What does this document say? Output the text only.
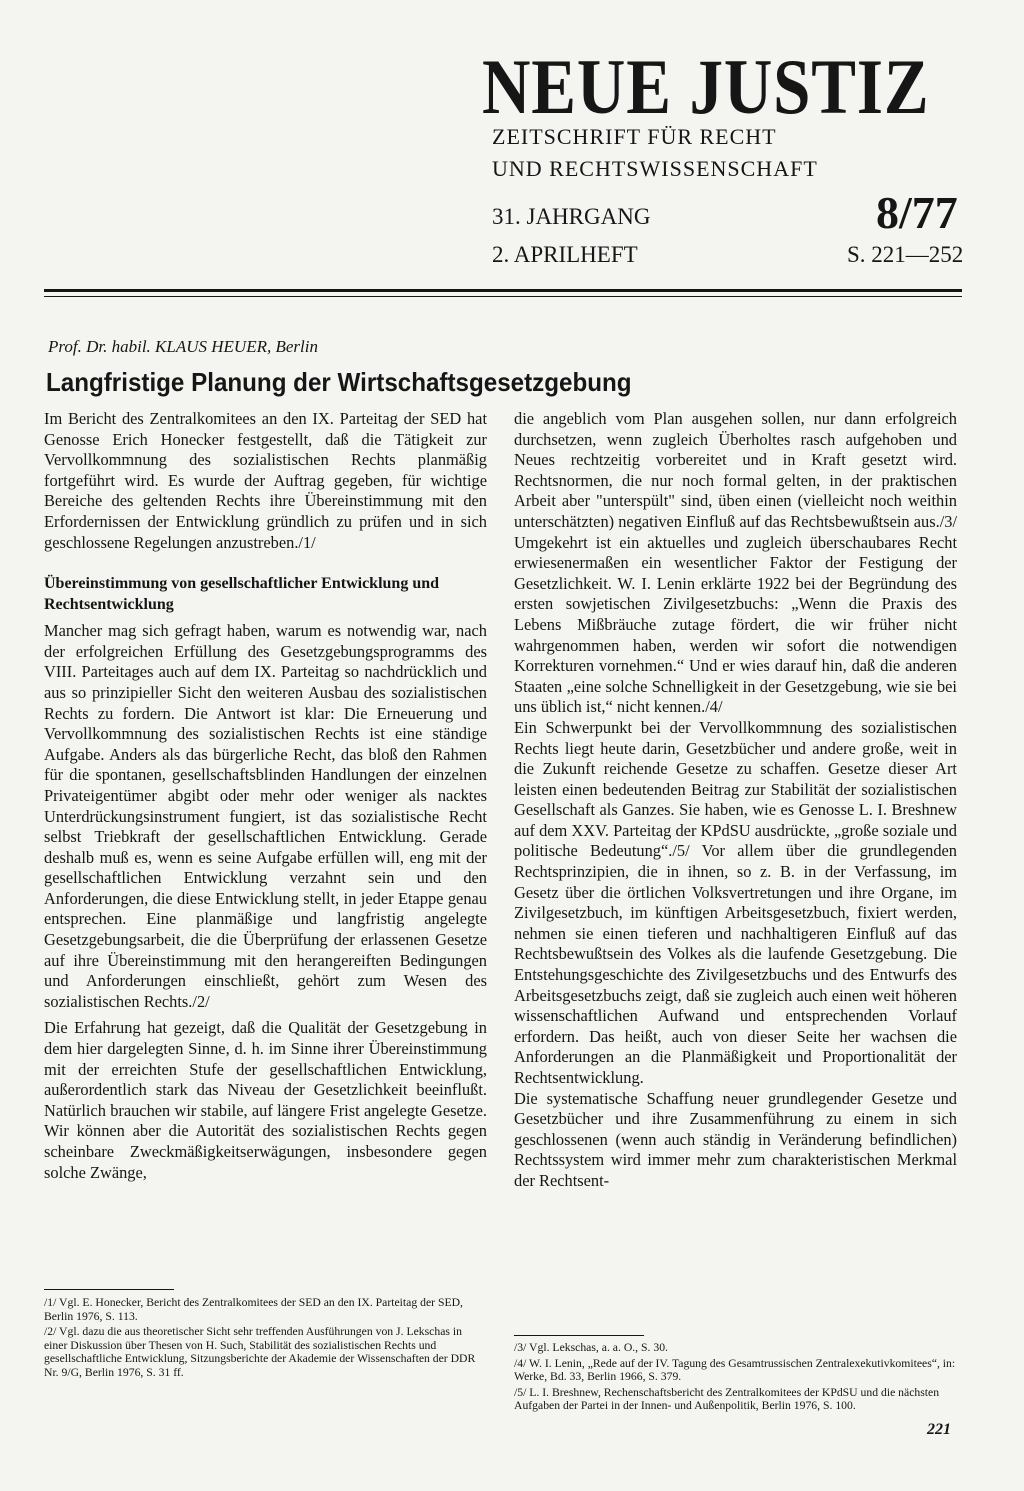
NEUE JUSTIZ
ZEITSCHRIFT FÜR RECHT
UND RECHTSWISSENSCHAFT
31. JAHRGANG	8/77
2. APRILHEFT	S. 221—252
Prof. Dr. habil. KLAUS HEUER, Berlin
Langfristige Planung der Wirtschaftsgesetzgebung

Im Bericht des Zentralkomitees an den IX. Parteitag der SED hat Genosse Erich Honecker festgestellt, daß die Tätigkeit zur Vervollkommnung des sozialistischen Rechts planmäßig fortgeführt wird. Es wurde der Auftrag gegeben, für wichtige Bereiche des geltenden Rechts ihre Übereinstimmung mit den Erfordernissen der Entwicklung gründlich zu prüfen und in sich geschlossene Regelungen anzustreben./1/

Übereinstimmung von gesellschaftlicher Entwicklung und Rechtsentwicklung

Mancher mag sich gefragt haben, warum es notwendig war, nach der erfolgreichen Erfüllung des Gesetzgebungsprogramms des VIII. Parteitages auch auf dem IX. Parteitag so nachdrücklich und aus so prinzipieller Sicht den weiteren Ausbau des sozialistischen Rechts zu fordern. Die Antwort ist klar: Die Erneuerung und Vervollkommnung des sozialistischen Rechts ist eine ständige Aufgabe. Anders als das bürgerliche Recht, das bloß den Rahmen für die spontanen, gesellschaftsblinden Handlungen der einzelnen Privateigentümer abgibt oder mehr oder weniger als nacktes Unterdrückungsinstrument fungiert, ist das sozialistische Recht selbst Triebkraft der gesellschaftlichen Entwicklung. Gerade deshalb muß es, wenn es seine Aufgabe erfüllen will, eng mit der gesellschaftlichen Entwicklung verzahnt sein und den Anforderungen, die diese Entwicklung stellt, in jeder Etappe genau entsprechen. Eine planmäßige und langfristig angelegte Gesetzgebungsarbeit, die die Überprüfung der erlassenen Gesetze auf ihre Übereinstimmung mit den herangereiften Bedingungen und Anforderungen einschließt, gehört zum Wesen des sozialistischen Rechts./2/

Die Erfahrung hat gezeigt, daß die Qualität der Gesetzgebung in dem hier dargelegten Sinne, d. h. im Sinne ihrer Übereinstimmung mit der erreichten Stufe der gesellschaftlichen Entwicklung, außerordentlich stark das Niveau der Gesetzlichkeit beeinflußt. Natürlich brauchen wir stabile, auf längere Frist angelegte Gesetze. Wir können aber die Autorität des sozialistischen Rechts gegen scheinbare Zweckmäßigkeitserwägungen, insbesondere gegen solche Zwänge,

die angeblich vom Plan ausgehen sollen, nur dann erfolgreich durchsetzen, wenn zugleich Überholtes rasch aufgehoben und Neues rechtzeitig vorbereitet und in Kraft gesetzt wird. Rechtsnormen, die nur noch formal gelten, in der praktischen Arbeit aber "unterspült" sind, üben einen (vielleicht noch weithin unterschätzten) negativen Einfluß auf das Rechtsbewußtsein aus./3/ Umgekehrt ist ein aktuelles und zugleich überschaubares Recht erwiesenermaßen ein wesentlicher Faktor der Festigung der Gesetzlichkeit. W. I. Lenin erklärte 1922 bei der Begründung des ersten sowjetischen Zivilgesetzbuchs: „Wenn die Praxis des Lebens Mißbräuche zutage fördert, die wir früher nicht wahrgenommen haben, werden wir sofort die notwendigen Korrekturen vornehmen.“ Und er wies darauf hin, daß die anderen Staaten „eine solche Schnelligkeit in der Gesetzgebung, wie sie bei uns üblich ist,“ nicht kennen./4/

Ein Schwerpunkt bei der Vervollkommnung des sozialistischen Rechts liegt heute darin, Gesetzbücher und andere große, weit in die Zukunft reichende Gesetze zu schaffen. Gesetze dieser Art leisten einen bedeutenden Beitrag zur Stabilität der sozialistischen Gesellschaft als Ganzes. Sie haben, wie es Genosse L. I. Breshnew auf dem XXV. Parteitag der KPdSU ausdrückte, „große soziale und politische Bedeutung“./5/ Vor allem über die grundlegenden Rechtsprinzipien, die in ihnen, so z. B. in der Verfassung, im Gesetz über die örtlichen Volksvertretungen und ihre Organe, im Zivilgesetzbuch, im künftigen Arbeitsgesetzbuch, fixiert werden, nehmen sie einen tieferen und nachhaltigeren Einfluß auf das Rechtsbewußtsein des Volkes als die laufende Gesetzgebung. Die Entstehungsgeschichte des Zivilgesetzbuchs und des Entwurfs des Arbeitsgesetzbuchs zeigt, daß sie zugleich auch einen weit höheren wissenschaftlichen Aufwand und entsprechenden Vorlauf erfordern. Das heißt, auch von dieser Seite her wachsen die Anforderungen an die Planmäßigkeit und Proportionalität der Rechtsentwicklung.

Die systematische Schaffung neuer grundlegender Gesetze und Gesetzbücher und ihre Zusammenführung zu einem in sich geschlossenen (wenn auch ständig in Veränderung befindlichen) Rechtssystem wird immer mehr zum charakteristischen Merkmal der Rechtsent-

/1/ Vgl. E. Honecker, Bericht des Zentralkomitees der SED an den IX. Parteitag der SED, Berlin 1976, S. 113.

/2/ Vgl. dazu die aus theoretischer Sicht sehr treffenden Ausführungen von J. Lekschas in einer Diskussion über Thesen von H. Such, Stabilität des sozialistischen Rechts und gesellschaftliche Entwicklung, Sitzungsberichte der Akademie der Wissenschaften der DDR Nr. 9/G, Berlin 1976, S. 31 ff.

/3/ Vgl. Lekschas, a. a. O., S. 30.

/4/ W. I. Lenin, „Rede auf der IV. Tagung des Gesamtrussischen Zentralexekutivkomitees“, in: Werke, Bd. 33, Berlin 1966, S. 379.

/5/ L. I. Breshnew, Rechenschaftsbericht des Zentralkomitees der KPdSU und die nächsten Aufgaben der Partei in der Innen- und Außenpolitik, Berlin 1976, S. 100.

221
